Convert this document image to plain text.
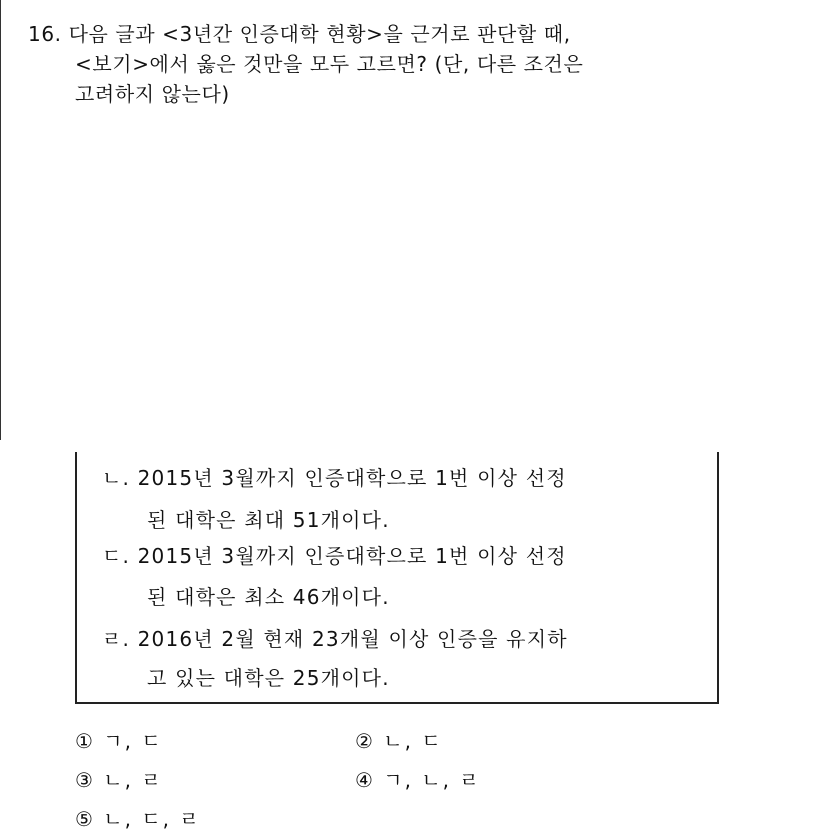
16. 다음 글과 <3년간 인증대학 현황>을 근거로 판단할 때,
<보기>에서 옳은 것만을 모두 고르면? (단, 다른 조건은
고려하지 않는다)
ㄴ. 2015년 3월까지 인증대학으로 1번 이상 선정
된 대학은 최대 51개이다.
ㄷ. 2015년 3월까지 인증대학으로 1번 이상 선정
된 대학은 최소 46개이다.
ㄹ. 2016년 2월 현재 23개월 이상 인증을 유지하
고 있는 대학은 25개이다.
① ㄱ, ㄷ	② ㄴ, ㄷ
③ ㄴ, ㄹ	④ ㄱ, ㄴ, ㄹ
⑤ ㄴ, ㄷ, ㄹ
